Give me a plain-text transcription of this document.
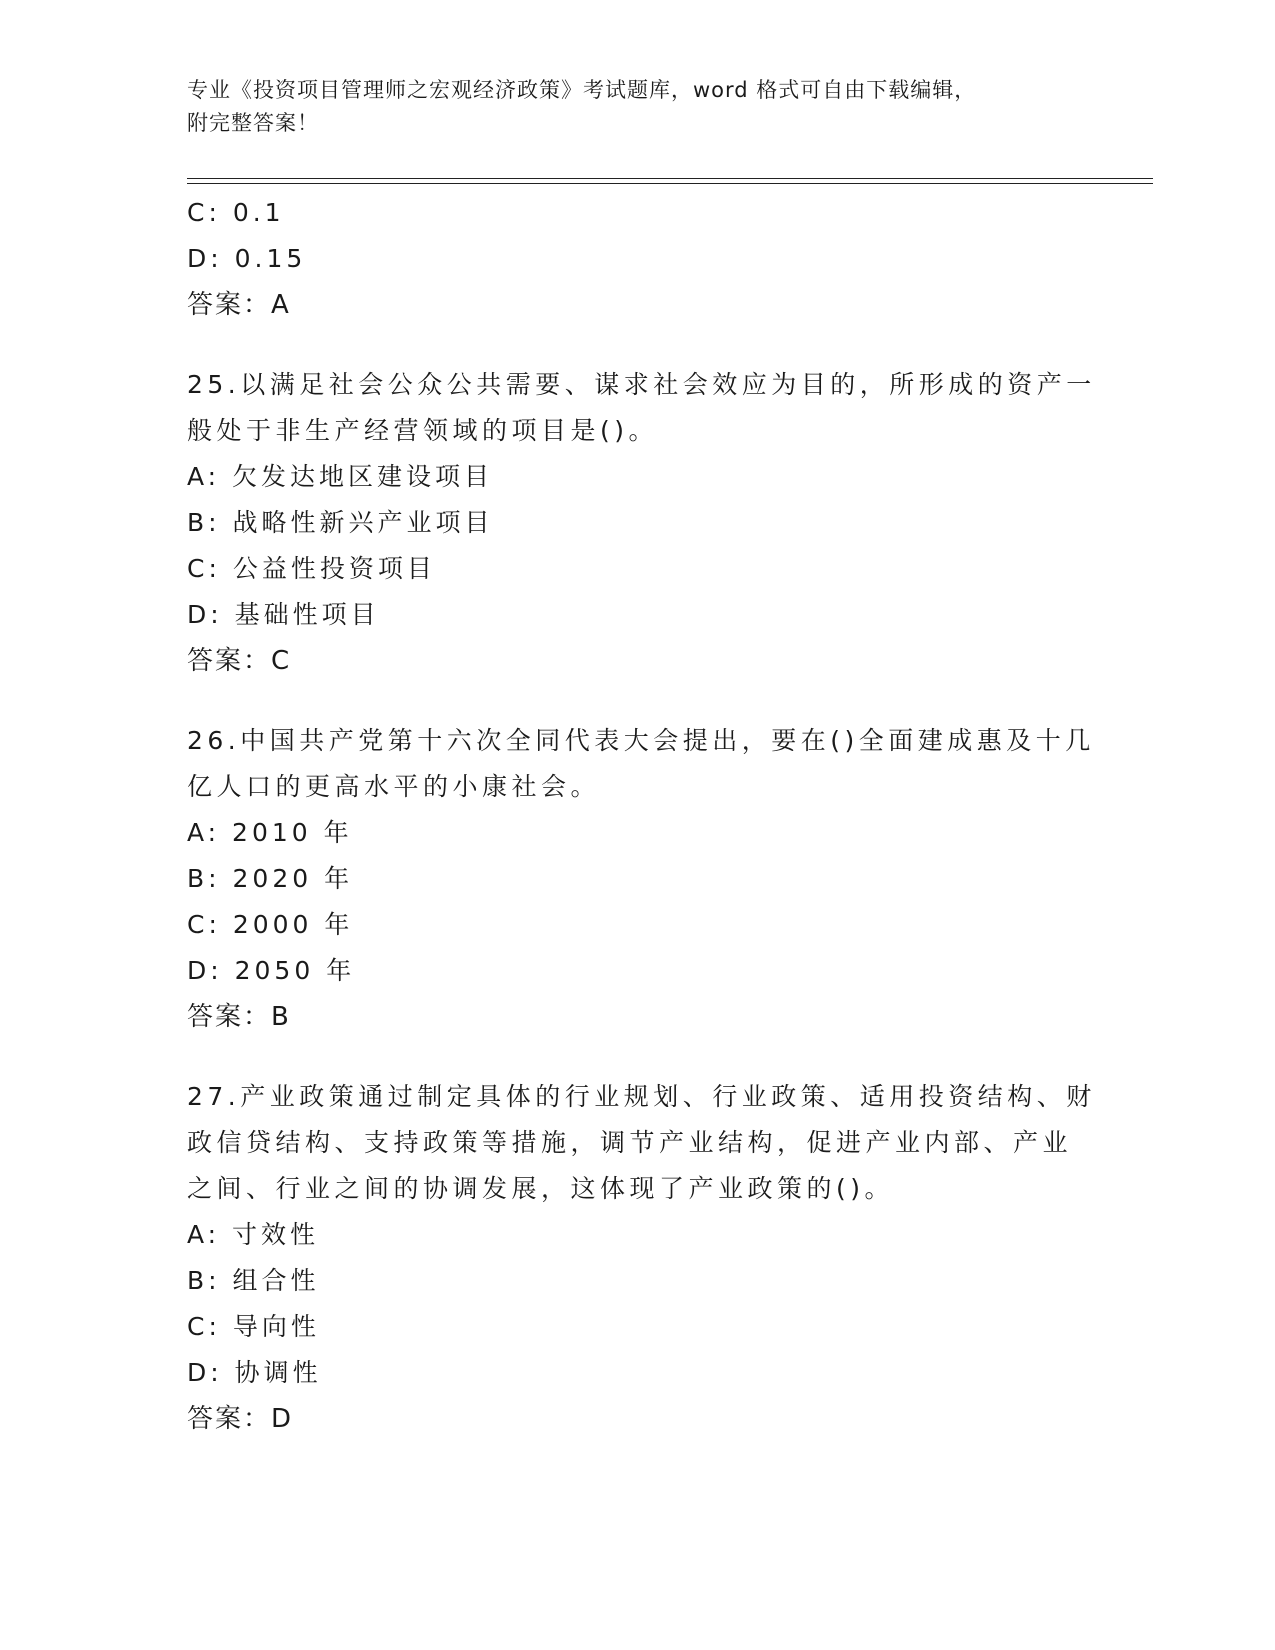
专业《投资项目管理师之宏观经济政策》考试题库，word 格式可自由下载编辑，

附完整答案！

C: 0.1

D: 0.15

答案：A

25.以满足社会公众公共需要、谋求社会效应为目的，所形成的资产一

般处于非生产经营领域的项目是()。

A: 欠发达地区建设项目

B: 战略性新兴产业项目

C: 公益性投资项目

D: 基础性项目

答案：C

26.中国共产党第十六次全同代表大会提出，要在()全面建成惠及十几

亿人口的更高水平的小康社会。

A: 2010 年

B: 2020 年

C: 2000 年

D: 2050 年

答案：B

27.产业政策通过制定具体的行业规划、行业政策、适用投资结构、财

政信贷结构、支持政策等措施，调节产业结构，促进产业内部、产业

之间、行业之间的协调发展，这体现了产业政策的()。

A: 寸效性

B: 组合性

C: 导向性

D: 协调性

答案：D
